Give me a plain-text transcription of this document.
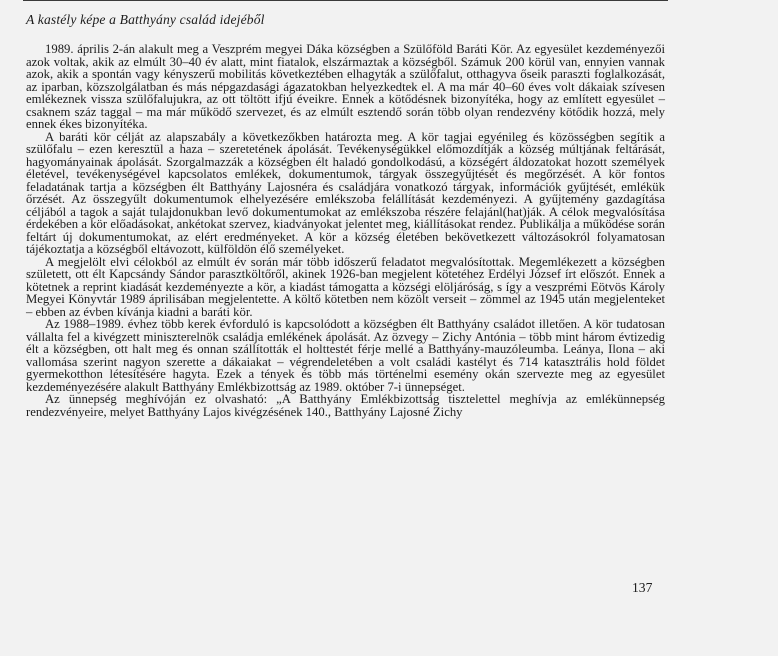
A kastély képe a Batthyány család idejéből

1989. április 2-án alakult meg a Veszprém megyei Dáka községben a Szülőföld Baráti Kör. Az egyesület kezdeményezői azok voltak, akik az elmúlt 30–40 év alatt, mint fiatalok, elszármaztak a községből. Számuk 200 körül van, ennyien vannak azok, akik a spontán vagy kényszerű mobilitás következtében elhagyták a szülőfalut, otthagyva őseik paraszti foglalkozását, az iparban, közszolgálatban és más népgazdasági ágazatokban helyezkedtek el. A ma már 40–60 éves volt dákaiak szívesen emlékeznek vissza szülőfalujukra, az ott töltött ifjú éveikre. Ennek a kötődésnek bizonyítéka, hogy az említett egyesület – csaknem száz taggal – ma már működő szervezet, és az elmúlt esztendő során több olyan rendezvény kötődik hozzá, mely ennek ékes bizonyítéka.

A baráti kör célját az alapszabály a következőkben határozta meg. A kör tagjai egyénileg és közösségben segítik a szülőfalu – ezen keresztül a haza – szeretetének ápolását. Tevékenységükkel előmozdítják a község múltjának feltárását, hagyományainak ápolását. Szorgalmazzák a községben élt haladó gondolkodású, a községért áldozatokat hozott személyek életével, tevékenységével kapcsolatos emlékek, dokumentumok, tárgyak összegyűjtését és megőrzését. A kör fontos feladatának tartja a községben élt Batthyány Lajosnéra és családjára vonatkozó tárgyak, információk gyűjtését, emlékük őrzését. Az összegyűlt dokumentumok elhelyezésére emlékszoba felállítását kezdeményezi. A gyűjtemény gazdagítása céljából a tagok a saját tulajdonukban levő dokumentumokat az emlékszoba részére felajánl(hat)ják. A célok megvalósítása érdekében a kör előadásokat, ankétokat szervez, kiadványokat jelentet meg, kiállításokat rendez. Publikálja a működése során feltárt új dokumentumokat, az elért eredményeket. A kör a község életében bekövetkezett változásokról folyamatosan tájékoztatja a községből eltávozott, külföldön élő személyeket.

A megjelölt elvi célokból az elmúlt év során már több időszerű feladatot megvalósítottak. Megemlékezett a községben született, ott élt Kapcsándy Sándor parasztköltőről, akinek 1926-ban megjelent kötetéhez Erdélyi József írt előszót. Ennek a kötetnek a reprint kiadását kezdeményezte a kör, a kiadást támogatta a községi elöljáróság, s így a veszprémi Eötvös Károly Megyei Könyvtár 1989 áprilisában megjelentette. A költő kötetben nem közölt verseit – zömmel az 1945 után megjelenteket – ebben az évben kívánja kiadni a baráti kör.

Az 1988–1989. évhez több kerek évforduló is kapcsolódott a községben élt Batthyány családot illetően. A kör tudatosan vállalta fel a kivégzett miniszterelnök családja emlékének ápolását. Az özvegy – Zichy Antónia – több mint három évtizedig élt a községben, ott halt meg és onnan szállították el holttestét férje mellé a Batthyány-mauzóleumba. Leánya, Ilona – aki vallomása szerint nagyon szerette a dákaiakat – végrendeletében a volt családi kastélyt és 714 katasztrális hold földet gyermekotthon létesítésére hagyta. Ezek a tények és több más történelmi esemény okán szervezte meg az egyesület kezdeményezésére alakult Batthyány Emlékbizottság az 1989. október 7-i ünnepséget.

Az ünnepség meghívóján ez olvasható: „A Batthyány Emlékbizottság tisztelettel meghívja az emlékünnepség rendezvényeire, melyet Batthyány Lajos kivégzésének 140., Batthyány Lajosné Zichy

137
